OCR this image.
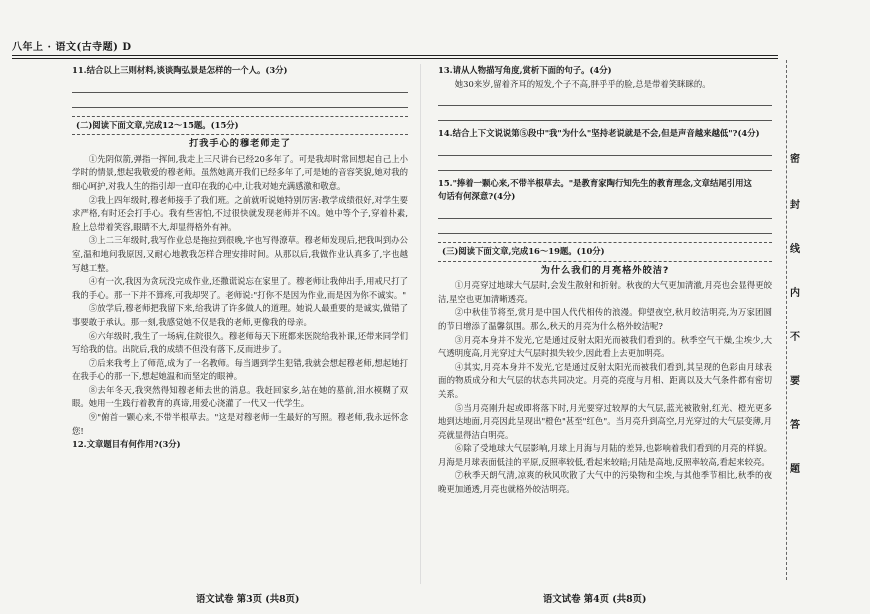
八年上 · 语文(古寺题) D

11.结合以上三则材料,谈谈陶弘景是怎样的一个人。(3分)

(二)阅读下面文章,完成12～15题。(15分)
打我手心的穆老师走了

①先阴似箭,弹指一挥间,我走上三尺讲台已经20多年了。可是我却时常回想起自己上小学时的情景,想起我敬爱的穆老师。虽然她离开我们已经多年了,可是她的音容笑貌,她对我的细心呵护,对我人生的指引却一直印在我的心中,让我对她充满感激和敬意。

②我上四年级时,穆老师接手了我们班。之前就听说她特别厉害:教学成绩很好,对学生要求严格,有时还会打手心。我有些害怕,不过很快就发现老师并不凶。她中等个子,穿着朴素,脸上总带着笑容,眼睛不大,却显得格外有神。

③上二三年级时,我写作业总是拖拉到很晚,字也写得潦草。穆老师发现后,把我叫到办公室,温和地问我原因,又耐心地教我怎样合理安排时间。从那以后,我做作业认真多了,字也越写越工整。

④有一次,我因为贪玩没完成作业,还撒谎说忘在家里了。穆老师让我伸出手,用戒尺打了我的手心。那一下并不算疼,可我却哭了。老师说:"打你不是因为作业,而是因为你不诚实。"

⑤放学后,穆老师把我留下来,给我讲了许多做人的道理。她说人最重要的是诚实,做错了事要敢于承认。那一刻,我感觉她不仅是我的老师,更像我的母亲。

⑥六年级时,我生了一场病,住院很久。穆老师每天下班都来医院给我补课,还带来同学们写给我的信。出院后,我的成绩不但没有落下,反而进步了。

⑦后来我考上了师范,成为了一名教师。每当遇到学生犯错,我就会想起穆老师,想起她打在我手心的那一下,想起她温和而坚定的眼神。

⑧去年冬天,我突然得知穆老师去世的消息。我赶回家乡,站在她的墓前,泪水模糊了双眼。她用一生践行着教育的真谛,用爱心浇灌了一代又一代学生。

⑨"俯首一颗心来,不带半根草去。"这是对穆老师一生最好的写照。穆老师,我永远怀念您!

12.文章题目有何作用?(3分)

13.请从人物描写角度,赏析下面的句子。(4分)

她30来岁,留着齐耳的短发,个子不高,胖乎乎的脸,总是带着笑眯眯的。

14.结合上下文说说第⑤段中"我"为什么"坚持老说就是不会,但是声音越来越低"?(4分)

15."捧着一颗心来,不带半根草去。"是教育家陶行知先生的教育理念,文章结尾引用这

句话有何深意?(4分)

(三)阅读下面文章,完成16～19题。(10分)
为什么我们的月亮格外皎洁?

①月亮穿过地球大气层时,会发生散射和折射。秋夜的大气更加清澈,月亮也会显得更皎洁,星空也更加清晰透亮。

②中秋佳节将至,赏月是中国人代代相传的浪漫。仰望夜空,秋月皎洁明亮,为万家团圆的节日增添了温馨氛围。那么,秋天的月亮为什么格外皎洁呢?

③月亮本身并不发光,它是通过反射太阳光而被我们看到的。秋季空气干燥,尘埃少,大气透明度高,月光穿过大气层时损失较少,因此看上去更加明亮。

④其实,月亮本身并不发光,它是通过反射太阳光而被我们看到,其呈现的色彩由月球表面的物质成分和大气层的状态共同决定。月亮的亮度与月相、距离以及大气条件都有密切关系。

⑤当月亮刚升起或即将落下时,月光要穿过较厚的大气层,蓝光被散射,红光、橙光更多地到达地面,月亮因此呈现出"橙色"甚至"红色"。当月亮升到高空,月光穿过的大气层变薄,月亮就显得洁白明亮。

⑥除了受地球大气层影响,月球上月海与月陆的差异,也影响着我们看到的月亮的样貌。月海是月球表面低洼的平原,反照率较低,看起来较暗;月陆是高地,反照率较高,看起来较亮。

⑦秋季天朗气清,凉爽的秋风吹散了大气中的污染物和尘埃,与其他季节相比,秋季的夜晚更加通透,月亮也就格外皎洁明亮。

语文试卷 第3页 (共8页)	语文试卷 第4页 (共8页)
密
封
线
内
不
要
答
题
